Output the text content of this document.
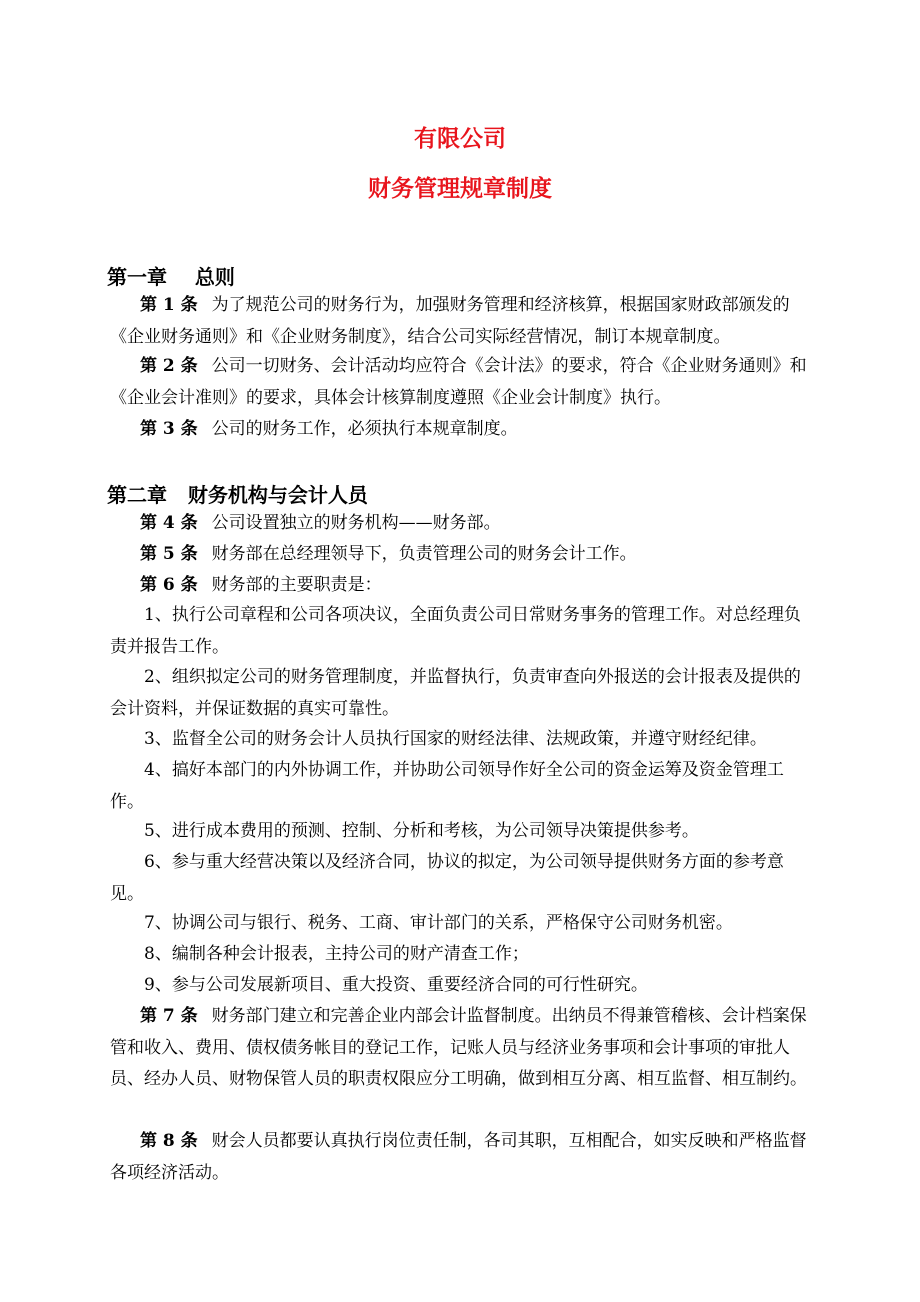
有限公司
财务管理规章制度
第一章    总则
第 1 条 为了规范公司的财务行为，加强财务管理和经济核算，根据国家财政部颁发的《企业财务通则》和《企业财务制度》，结合公司实际经营情况，制订本规章制度。
第 2 条 公司一切财务、会计活动均应符合《会计法》的要求，符合《企业财务通则》和《企业会计准则》的要求，具体会计核算制度遵照《企业会计制度》执行。
第 3 条 公司的财务工作，必须执行本规章制度。
第二章   财务机构与会计人员
第 4 条 公司设置独立的财务机构——财务部。
第 5 条 财务部在总经理领导下，负责管理公司的财务会计工作。
第 6 条 财务部的主要职责是：
1、执行公司章程和公司各项决议，全面负责公司日常财务事务的管理工作。对总经理负责并报告工作。
2、组织拟定公司的财务管理制度，并监督执行，负责审查向外报送的会计报表及提供的会计资料，并保证数据的真实可靠性。
3、监督全公司的财务会计人员执行国家的财经法律、法规政策，并遵守财经纪律。
4、搞好本部门的内外协调工作，并协助公司领导作好全公司的资金运筹及资金管理工作。
5、进行成本费用的预测、控制、分析和考核，为公司领导决策提供参考。
6、参与重大经营决策以及经济合同，协议的拟定，为公司领导提供财务方面的参考意见。
7、协调公司与银行、税务、工商、审计部门的关系，严格保守公司财务机密。
8、编制各种会计报表，主持公司的财产清查工作；
9、参与公司发展新项目、重大投资、重要经济合同的可行性研究。
第 7 条 财务部门建立和完善企业内部会计监督制度。出纳员不得兼管稽核、会计档案保管和收入、费用、债权债务帐目的登记工作，记账人员与经济业务事项和会计事项的审批人员、经办人员、财物保管人员的职责权限应分工明确，做到相互分离、相互监督、相互制约。
第 8 条 财会人员都要认真执行岗位责任制，各司其职，互相配合，如实反映和严格监督各项经济活动。
